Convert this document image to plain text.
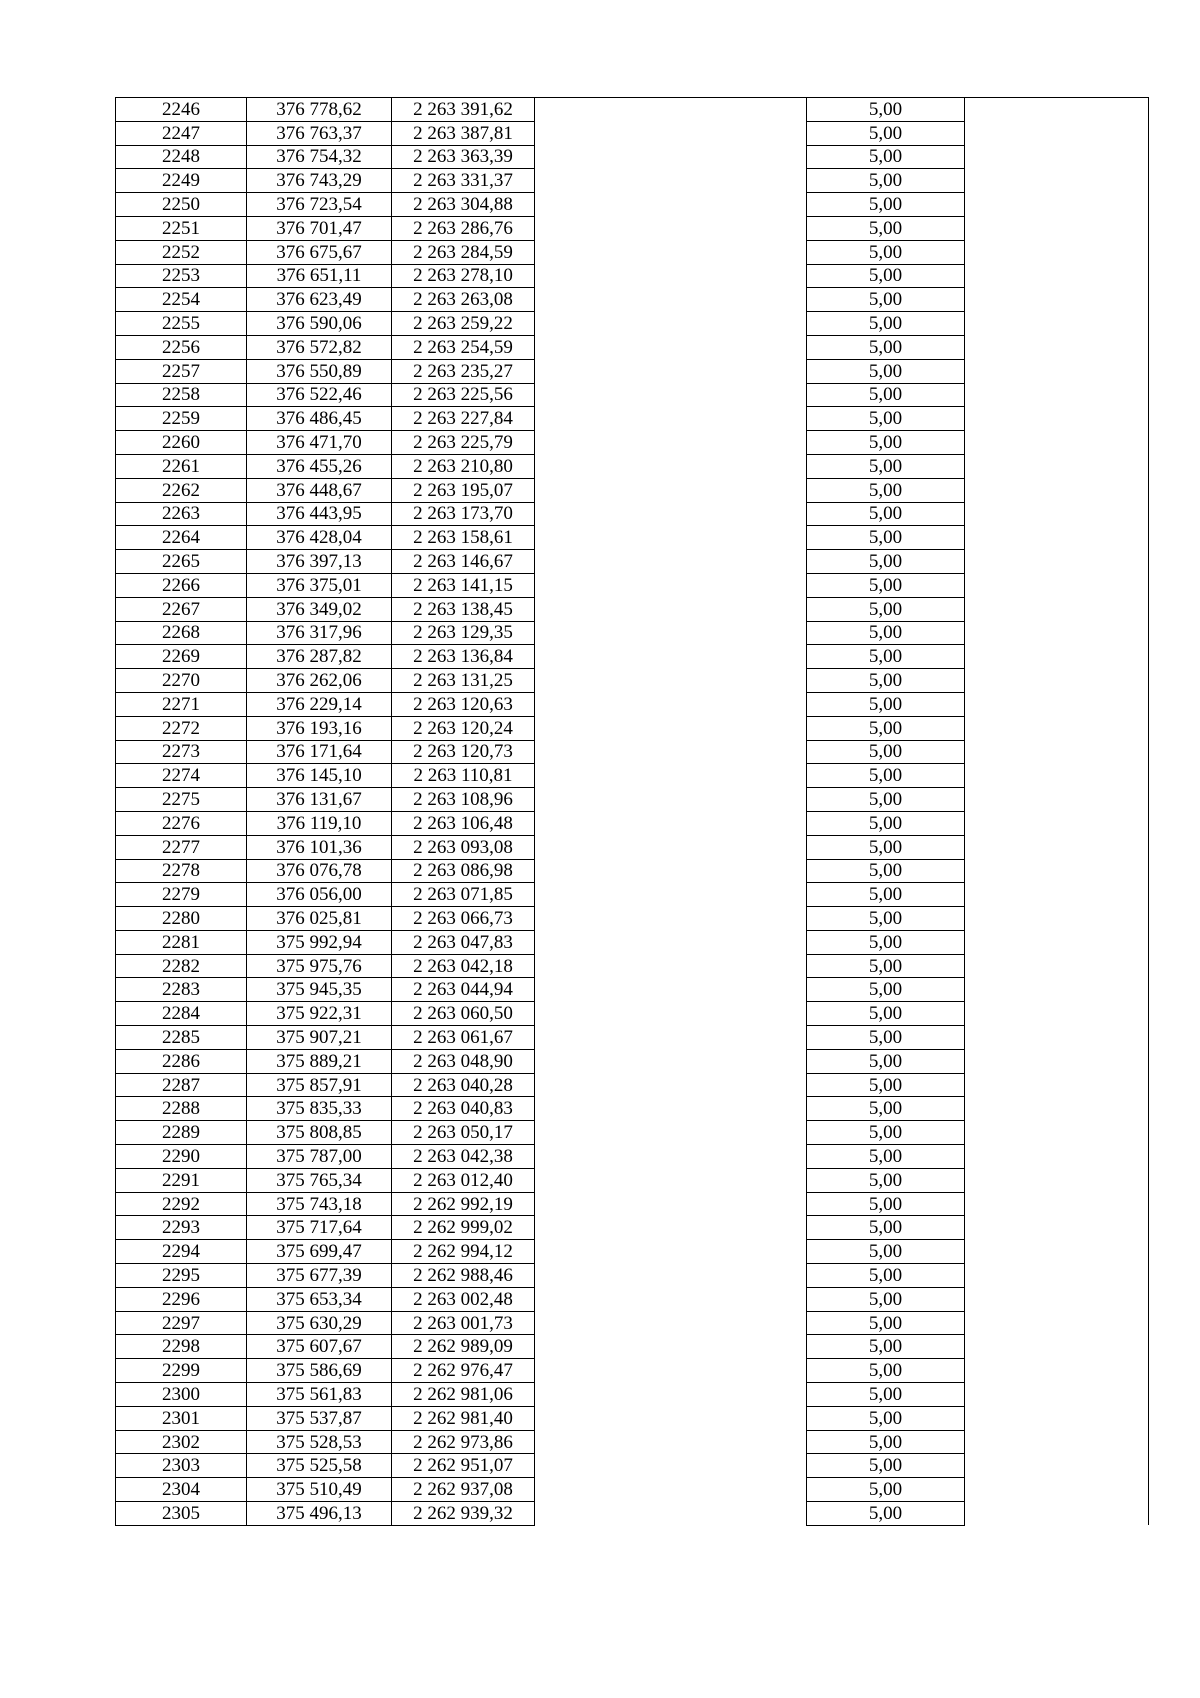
2246	376 778,62	2 263 391,62		5,00	
2247	376 763,37	2 263 387,81		5,00	
2248	376 754,32	2 263 363,39		5,00	
2249	376 743,29	2 263 331,37		5,00	
2250	376 723,54	2 263 304,88		5,00	
2251	376 701,47	2 263 286,76		5,00	
2252	376 675,67	2 263 284,59		5,00	
2253	376 651,11	2 263 278,10		5,00	
2254	376 623,49	2 263 263,08		5,00	
2255	376 590,06	2 263 259,22		5,00	
2256	376 572,82	2 263 254,59		5,00	
2257	376 550,89	2 263 235,27		5,00	
2258	376 522,46	2 263 225,56		5,00	
2259	376 486,45	2 263 227,84		5,00	
2260	376 471,70	2 263 225,79		5,00	
2261	376 455,26	2 263 210,80		5,00	
2262	376 448,67	2 263 195,07		5,00	
2263	376 443,95	2 263 173,70		5,00	
2264	376 428,04	2 263 158,61		5,00	
2265	376 397,13	2 263 146,67		5,00	
2266	376 375,01	2 263 141,15		5,00	
2267	376 349,02	2 263 138,45		5,00	
2268	376 317,96	2 263 129,35		5,00	
2269	376 287,82	2 263 136,84		5,00	
2270	376 262,06	2 263 131,25		5,00	
2271	376 229,14	2 263 120,63		5,00	
2272	376 193,16	2 263 120,24		5,00	
2273	376 171,64	2 263 120,73		5,00	
2274	376 145,10	2 263 110,81		5,00	
2275	376 131,67	2 263 108,96		5,00	
2276	376 119,10	2 263 106,48		5,00	
2277	376 101,36	2 263 093,08		5,00	
2278	376 076,78	2 263 086,98		5,00	
2279	376 056,00	2 263 071,85		5,00	
2280	376 025,81	2 263 066,73		5,00	
2281	375 992,94	2 263 047,83		5,00	
2282	375 975,76	2 263 042,18		5,00	
2283	375 945,35	2 263 044,94		5,00	
2284	375 922,31	2 263 060,50		5,00	
2285	375 907,21	2 263 061,67		5,00	
2286	375 889,21	2 263 048,90		5,00	
2287	375 857,91	2 263 040,28		5,00	
2288	375 835,33	2 263 040,83		5,00	
2289	375 808,85	2 263 050,17		5,00	
2290	375 787,00	2 263 042,38		5,00	
2291	375 765,34	2 263 012,40		5,00	
2292	375 743,18	2 262 992,19		5,00	
2293	375 717,64	2 262 999,02		5,00	
2294	375 699,47	2 262 994,12		5,00	
2295	375 677,39	2 262 988,46		5,00	
2296	375 653,34	2 263 002,48		5,00	
2297	375 630,29	2 263 001,73		5,00	
2298	375 607,67	2 262 989,09		5,00	
2299	375 586,69	2 262 976,47		5,00	
2300	375 561,83	2 262 981,06		5,00	
2301	375 537,87	2 262 981,40		5,00	
2302	375 528,53	2 262 973,86		5,00	
2303	375 525,58	2 262 951,07		5,00	
2304	375 510,49	2 262 937,08		5,00	
2305	375 496,13	2 262 939,32		5,00	
